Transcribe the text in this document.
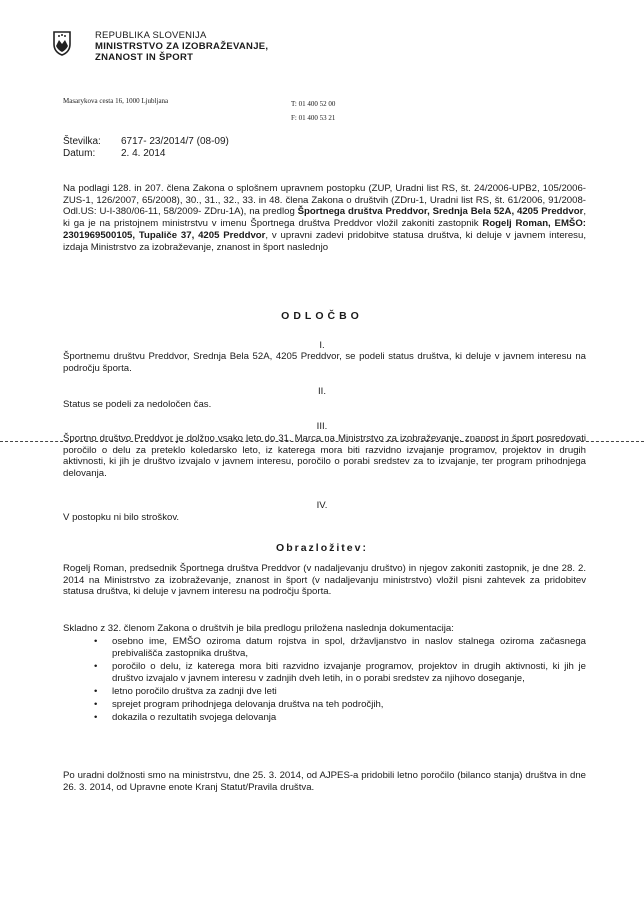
REPUBLIKA SLOVENIJA
MINISTRSTVO ZA IZOBRAŽEVANJE,
ZNANOST IN ŠPORT
Masarykova cesta 16, 1000 Ljubljana	T: 01 400 52 00
F: 01 400 53 21
Številka:	6717- 23/2014/7 (08-09)
Datum:	2. 4. 2014
Na podlagi 128. in 207. člena Zakona o splošnem upravnem postopku (ZUP, Uradni list RS, št. 24/2006-UPB2, 105/2006-ZUS-1, 126/2007, 65/2008), 30., 31., 32., 33. in 48. člena Zakona o društvih (ZDru-1, Uradni list RS, št. 61/2006, 91/2008-Odl.US: U-I-380/06-11, 58/2009- ZDru-1A), na predlog Športnega društva Preddvor, Srednja Bela 52A, 4205 Preddvor, ki ga je na pristojnem ministrstvu v imenu Športnega društva Preddvor vložil zakoniti zastopnik Rogelj Roman, EMŠO: 2301969500105, Tupaliče 37, 4205 Preddvor, v upravni zadevi pridobitve statusa društva, ki deluje v javnem interesu, izdaja Ministrstvo za izobraževanje, znanost in šport naslednjo
ODLOČBO
I.
Športnemu društvu Preddvor, Srednja Bela 52A, 4205 Preddvor, se podeli status društva, ki deluje v javnem interesu na področju športa.
II.
Status se podeli za nedoločen čas.
III.
Športno društvo Preddvor je dolžno vsako leto do 31. Marca na Ministrstvo za izobraževanje, znanost in šport posredovati poročilo o delu za preteklo koledarsko leto, iz katerega mora biti razvidno izvajanje programov, projektov in drugih aktivnosti, ki jih je društvo izvajalo v javnem interesu, poročilo o porabi sredstev za to izvajanje, ter program prihodnjega delovanja.
IV.
V postopku ni bilo stroškov.
Obrazložitev:
Rogelj Roman, predsednik Športnega društva Preddvor (v nadaljevanju društvo) in njegov zakoniti zastopnik, je dne 28. 2. 2014 na Ministrstvo za izobraževanje, znanost in šport (v nadaljevanju ministrstvo) vložil pisni zahtevek za pridobitev statusa društva, ki deluje v javnem interesu na področju športa.
Skladno z 32. členom Zakona o društvih je bila predlogu priložena naslednja dokumentacija:
• osebno ime, EMŠO oziroma datum rojstva in spol, državljanstvo in naslov stalnega oziroma začasnega prebivališča zastopnika društva,
• poročilo o delu, iz katerega mora biti razvidno izvajanje programov, projektov in drugih aktivnosti, ki jih je društvo izvajalo v javnem interesu v zadnjih dveh letih, in o porabi sredstev za njihovo doseganje,
• letno poročilo društva za zadnji dve leti
• sprejet program prihodnjega delovanja društva na teh področjih,
• dokazila o rezultatih svojega delovanja
Po uradni dolžnosti smo na ministrstvu, dne 25. 3. 2014, od AJPES-a pridobili letno poročilo (bilanco stanja) društva in dne 26. 3. 2014, od Upravne enote Kranj Statut/Pravila društva.
